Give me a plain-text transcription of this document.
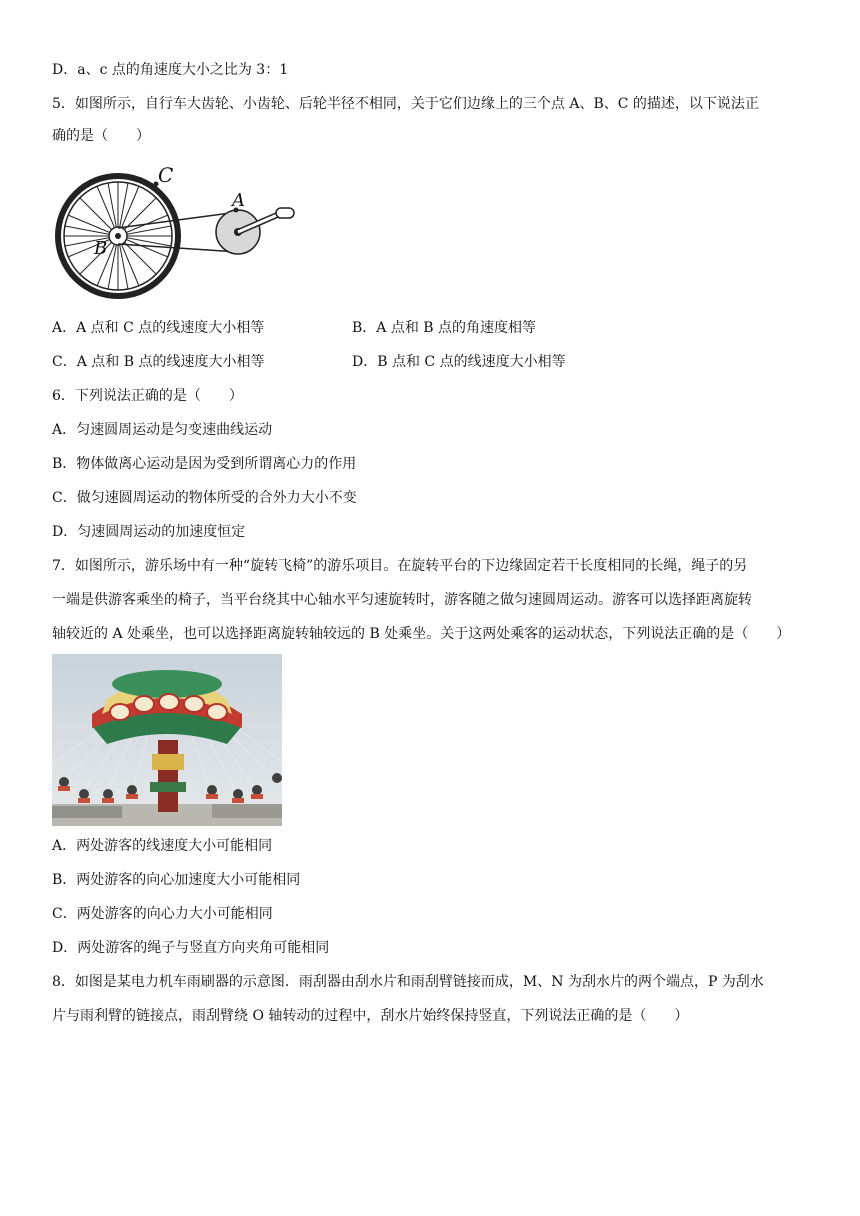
D．a、c 点的角速度大小之比为 3：1
5．如图所示，自行车大齿轮、小齿轮、后轮半径不相同，关于它们边缘上的三个点 A、B、C 的描述，以下说法正
确的是（　　）
C
A
B
A．A 点和 C 点的线速度大小相等	B．A 点和 B 点的角速度相等
C．A 点和 B 点的线速度大小相等	D．B 点和 C 点的线速度大小相等
6．下列说法正确的是（　　）
A．匀速圆周运动是匀变速曲线运动
B．物体做离心运动是因为受到所谓离心力的作用
C．做匀速圆周运动的物体所受的合外力大小不变
D．匀速圆周运动的加速度恒定
7．如图所示，游乐场中有一种“旋转飞椅”的游乐项目。在旋转平台的下边缘固定若干长度相同的长绳，绳子的另
一端是供游客乘坐的椅子，当平台绕其中心轴水平匀速旋转时，游客随之做匀速圆周运动。游客可以选择距离旋转
轴较近的 A 处乘坐，也可以选择距离旋转轴较远的 B 处乘坐。关于这两处乘客的运动状态，下列说法正确的是（　　）
A．两处游客的线速度大小可能相同
B．两处游客的向心加速度大小可能相同
C．两处游客的向心力大小可能相同
D．两处游客的绳子与竖直方向夹角可能相同
8．如图是某电力机车雨刷器的示意图．雨刮器由刮水片和雨刮臂链接而成，M、N 为刮水片的两个端点，P 为刮水
片与雨利臂的链接点，雨刮臂绕 O 轴转动的过程中，刮水片始终保持竖直，下列说法正确的是（　　）
